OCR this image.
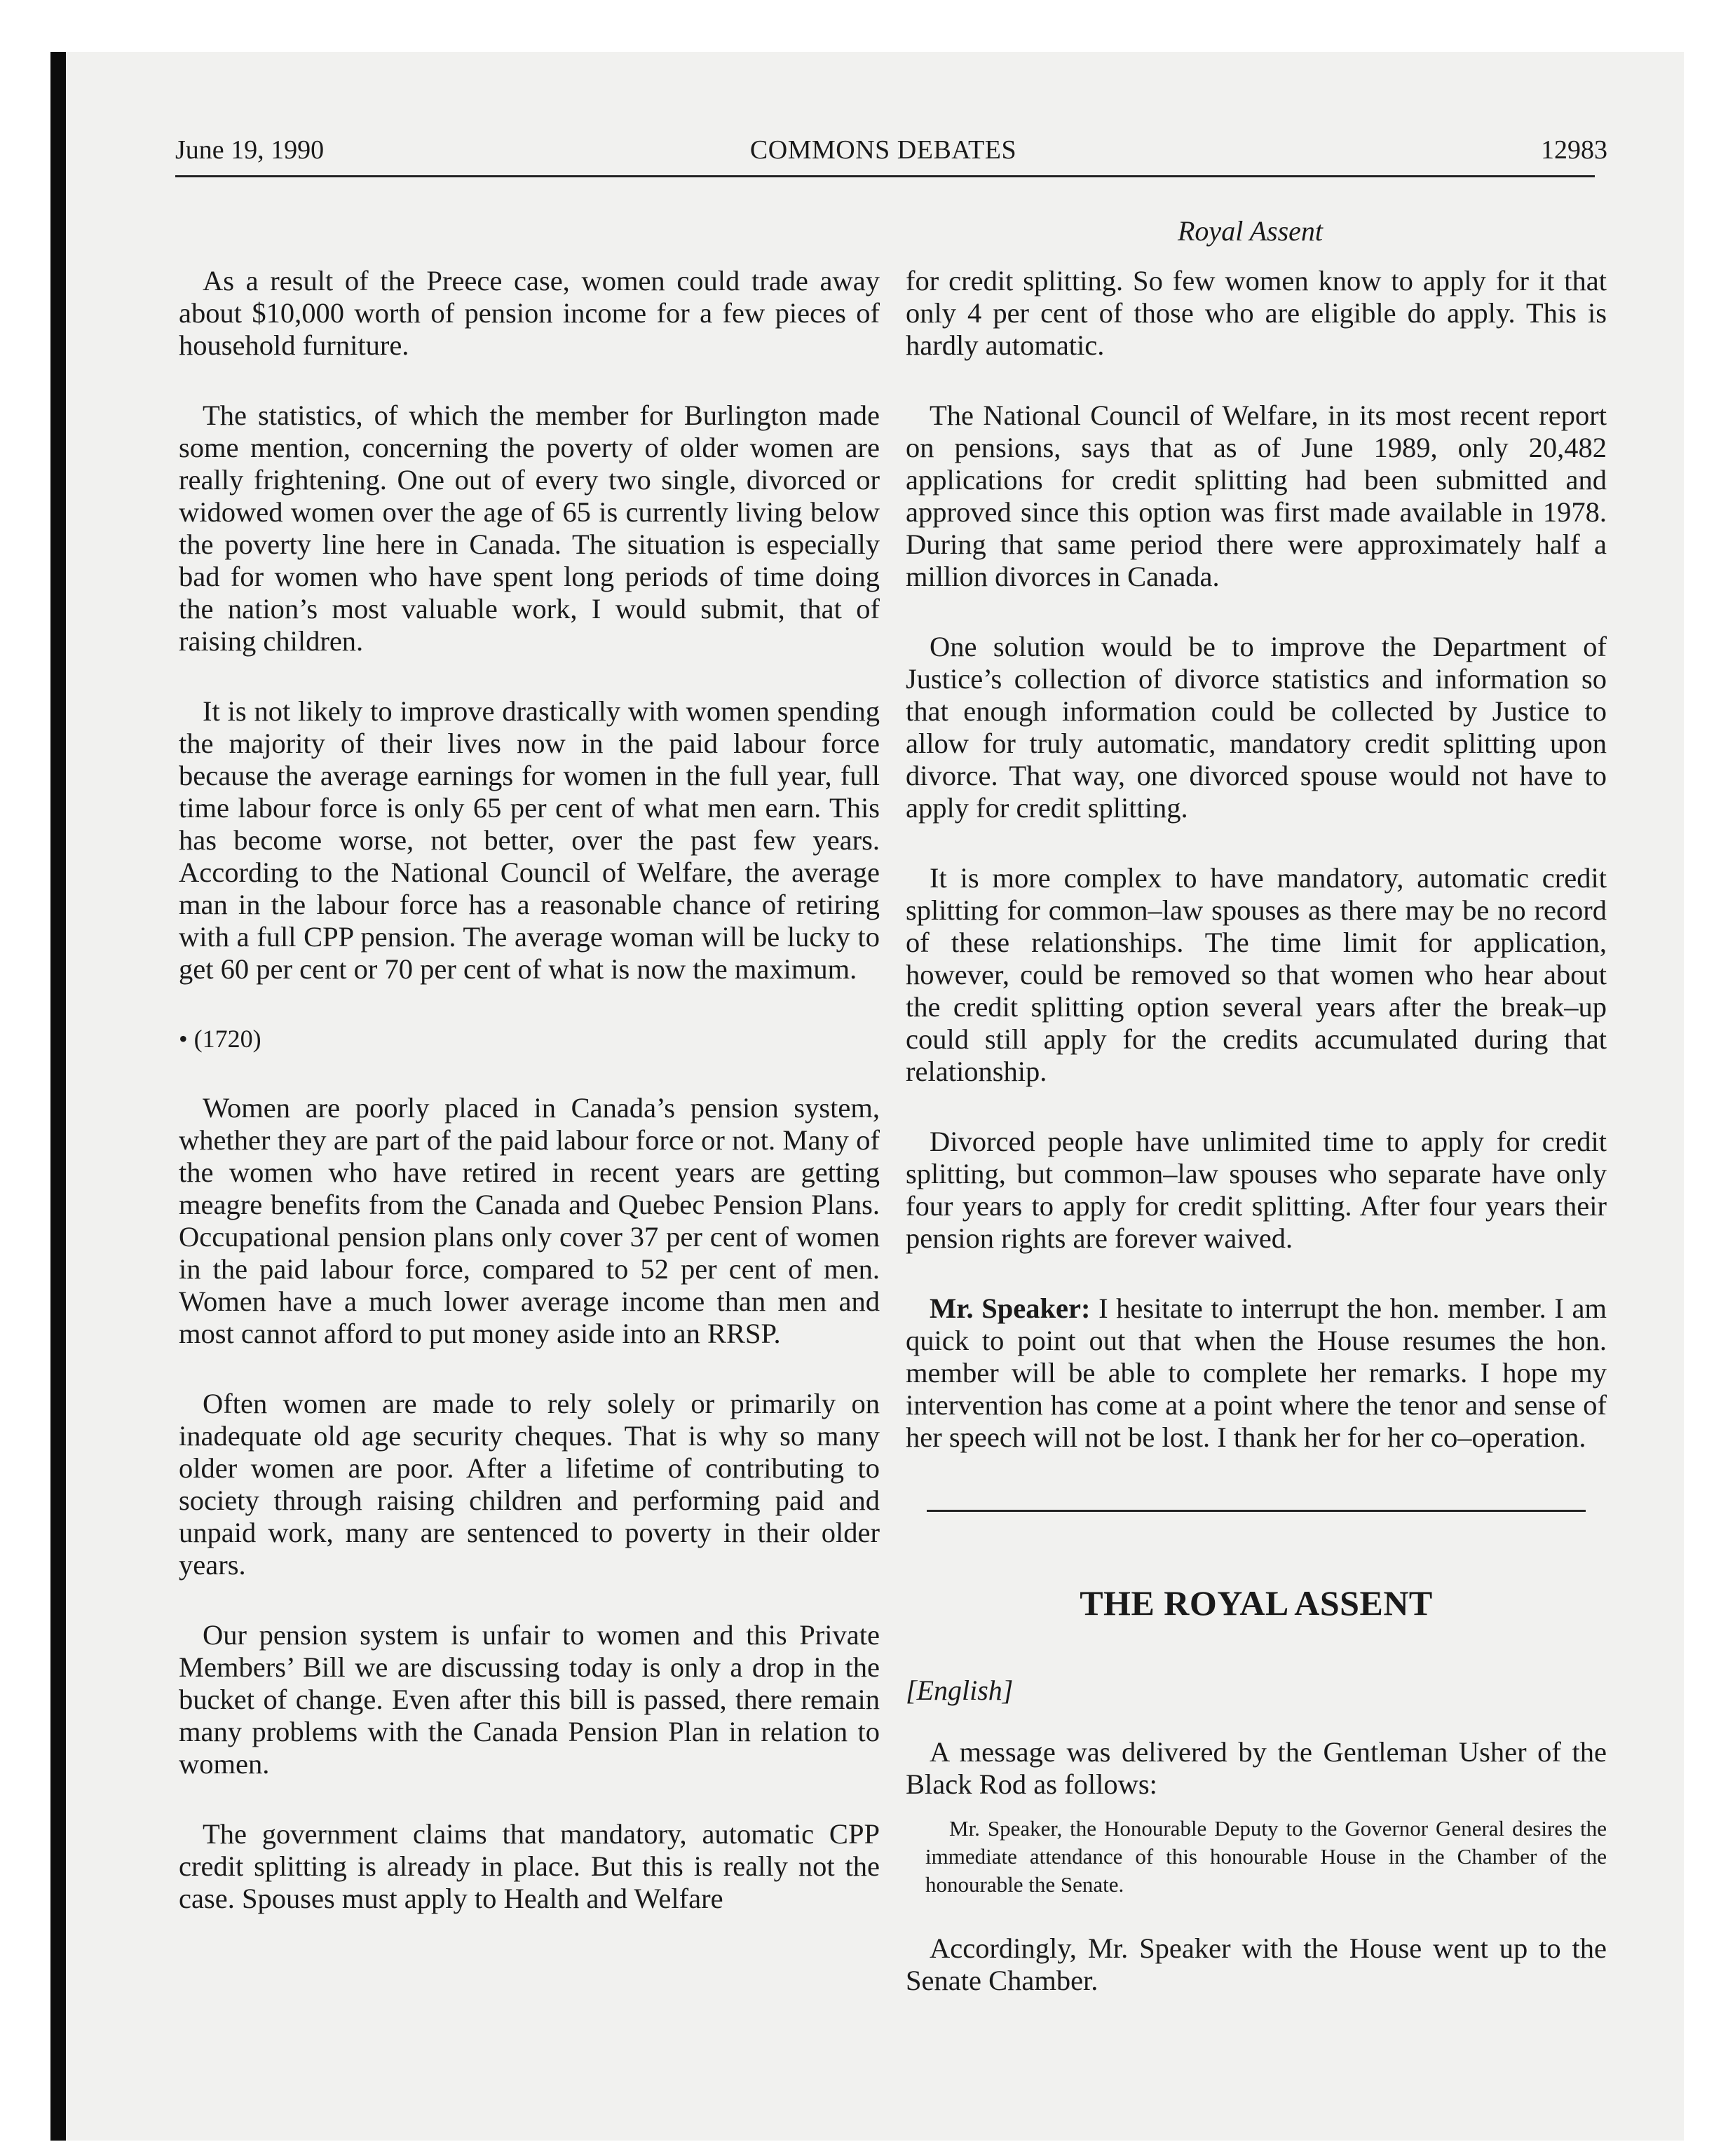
June 19, 1990	COMMONS DEBATES	12983
Royal Assent

As a result of the Preece case, women could trade away about $10,000 worth of pension income for a few pieces of household furniture.

The statistics, of which the member for Burlington made some mention, concerning the poverty of older women are really frightening. One out of every two single, divorced or widowed women over the age of 65 is currently living below the poverty line here in Canada. The situation is especially bad for women who have spent long periods of time doing the nation’s most valuable work, I would submit, that of raising children.

It is not likely to improve drastically with women spending the majority of their lives now in the paid labour force because the average earnings for women in the full year, full time labour force is only 65 per cent of what men earn. This has become worse, not better, over the past few years. According to the National Council of Welfare, the average man in the labour force has a reasonable chance of retiring with a full CPP pension. The average woman will be lucky to get 60 per cent or 70 per cent of what is now the maximum.

• (1720)

Women are poorly placed in Canada’s pension system, whether they are part of the paid labour force or not. Many of the women who have retired in recent years are getting meagre benefits from the Canada and Quebec Pension Plans. Occupational pension plans only cover 37 per cent of women in the paid labour force, compared to 52 per cent of men. Women have a much lower average income than men and most cannot afford to put money aside into an RRSP.

Often women are made to rely solely or primarily on inadequate old age security cheques. That is why so many older women are poor. After a lifetime of contributing to society through raising children and performing paid and unpaid work, many are sentenced to poverty in their older years.

Our pension system is unfair to women and this Private Members’ Bill we are discussing today is only a drop in the bucket of change. Even after this bill is passed, there remain many problems with the Canada Pension Plan in relation to women.

The government claims that mandatory, automatic CPP credit splitting is already in place. But this is really not the case. Spouses must apply to Health and Welfare

for credit splitting. So few women know to apply for it that only 4 per cent of those who are eligible do apply. This is hardly automatic.

The National Council of Welfare, in its most recent report on pensions, says that as of June 1989, only 20,482 applications for credit splitting had been submitted and approved since this option was first made available in 1978. During that same period there were approximately half a million divorces in Canada.

One solution would be to improve the Department of Justice’s collection of divorce statistics and information so that enough information could be collected by Justice to allow for truly automatic, mandatory credit splitting upon divorce. That way, one divorced spouse would not have to apply for credit splitting.

It is more complex to have mandatory, automatic credit splitting for common–law spouses as there may be no record of these relationships. The time limit for application, however, could be removed so that women who hear about the credit splitting option several years after the break–up could still apply for the credits accumulated during that relationship.

Divorced people have unlimited time to apply for credit splitting, but common–law spouses who separate have only four years to apply for credit splitting. After four years their pension rights are forever waived.

Mr. Speaker: I hesitate to interrupt the hon. member. I am quick to point out that when the House resumes the hon. member will be able to complete her remarks. I hope my intervention has come at a point where the tenor and sense of her speech will not be lost. I thank her for her co–operation.

THE ROYAL ASSENT
[English]

A message was delivered by the Gentleman Usher of the Black Rod as follows:

Mr. Speaker, the Honourable Deputy to the Governor General desires the immediate attendance of this honourable House in the Chamber of the honourable the Senate.

Accordingly, Mr. Speaker with the House went up to the Senate Chamber.
